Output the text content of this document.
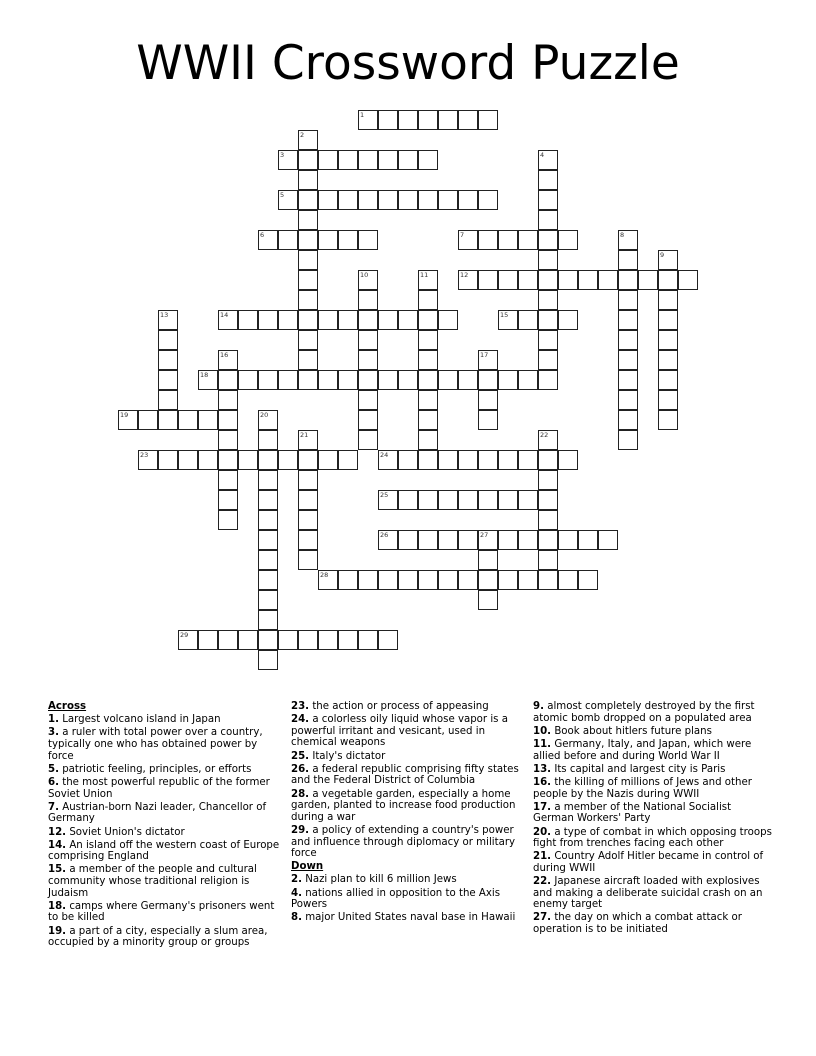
WWII Crossword Puzzle
1
3
5
6	7
12
14	15
18
19
23	24
25
26	27
28
29
2
4
8
9
10	11
13
16	17
20
21	22
Across
1. Largest volcano island in Japan
3. a ruler with total power over a country, typically one who has obtained power by force
5. patriotic feeling, principles, or efforts
6. the most powerful republic of the former Soviet Union
7. Austrian-born Nazi leader, Chancellor of Germany
12. Soviet Union's dictator
14. An island off the western coast of Europe comprising England
15. a member of the people and cultural community whose traditional religion is Judaism
18. camps where Germany's prisoners went to be killed
19. a part of a city, especially a slum area, occupied by a minority group or groups
23. the action or process of appeasing
24. a colorless oily liquid whose vapor is a powerful irritant and vesicant, used in chemical weapons
25. Italy's dictator
26. a federal republic comprising fifty states and the Federal District of Columbia
28. a vegetable garden, especially a home garden, planted to increase food production during a war
29. a policy of extending a country's power and influence through diplomacy or military force
Down
2. Nazi plan to kill 6 million Jews
4. nations allied in opposition to the Axis Powers
8. major United States naval base in Hawaii
9. almost completely destroyed by the first atomic bomb dropped on a populated area
10. Book about hitlers future plans
11. Germany, Italy, and Japan, which were allied before and during World War II
13. Its capital and largest city is Paris
16. the killing of millions of Jews and other people by the Nazis during WWII
17. a member of the National Socialist German Workers' Party
20. a type of combat in which opposing troops fight from trenches facing each other
21. Country Adolf Hitler became in control of during WWII
22. Japanese aircraft loaded with explosives and making a deliberate suicidal crash on an enemy target
27. the day on which a combat attack or operation is to be initiated
